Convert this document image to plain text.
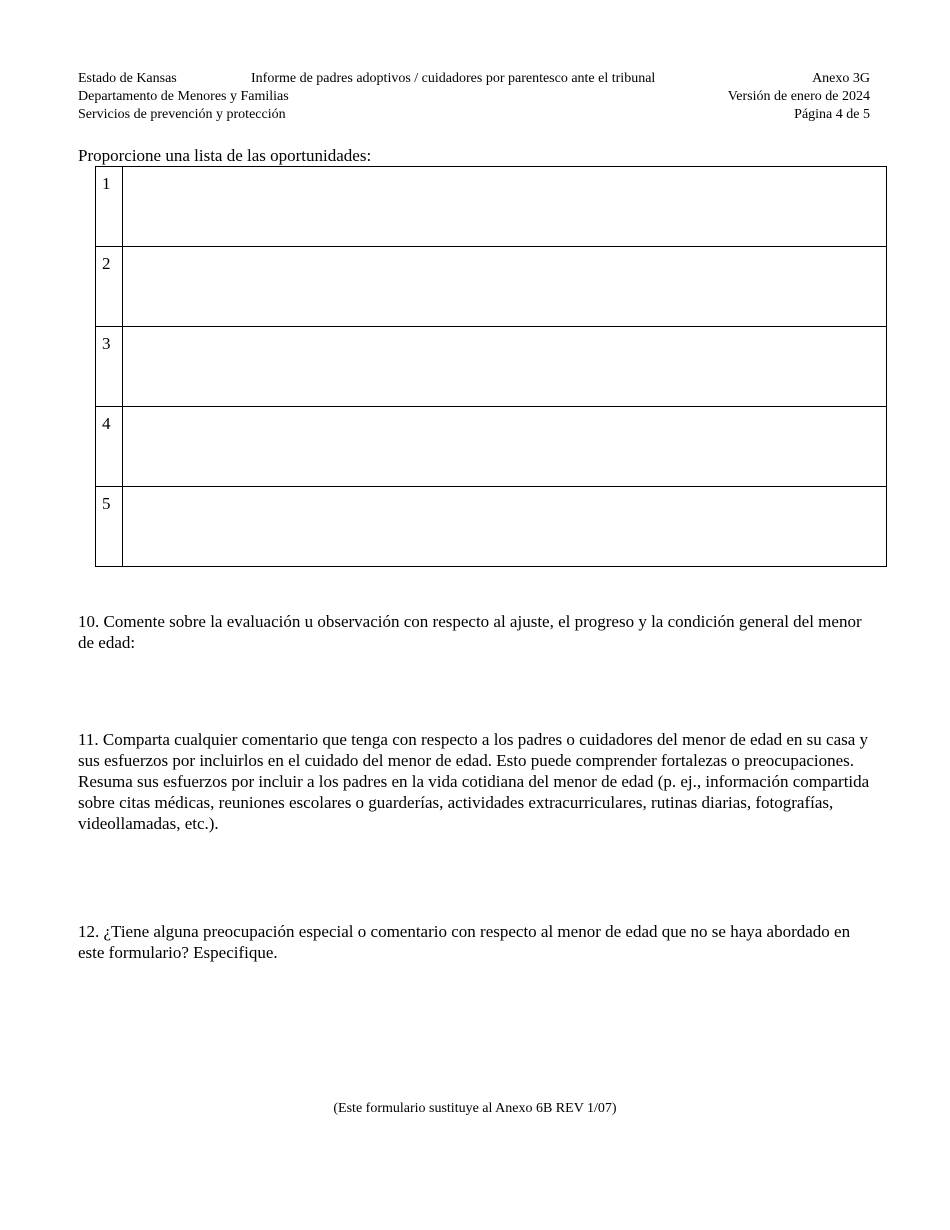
Estado de Kansas
Departamento de Menores y Familias
Servicios de prevención y protección
Informe de padres adoptivos / cuidadores por parentesco ante el tribunal	Anexo 3G
Versión de enero de 2024
Página 4 de 5
Proporcione una lista de las oportunidades:
1	
2	
3	
4	
5	
10. Comente sobre la evaluación u observación con respecto al ajuste, el progreso y la condición general del menor de edad:
11. Comparta cualquier comentario que tenga con respecto a los padres o cuidadores del menor de edad en su casa y sus esfuerzos por incluirlos en el cuidado del menor de edad. Esto puede comprender fortalezas o preocupaciones. Resuma sus esfuerzos por incluir a los padres en la vida cotidiana del menor de edad (p. ej., información compartida sobre citas médicas, reuniones escolares o guarderías, actividades extracurriculares, rutinas diarias, fotografías, videollamadas, etc.).
12. ¿Tiene alguna preocupación especial o comentario con respecto al menor de edad que no se haya abordado en este formulario? Especifique.
(Este formulario sustituye al Anexo 6B REV 1/07)
